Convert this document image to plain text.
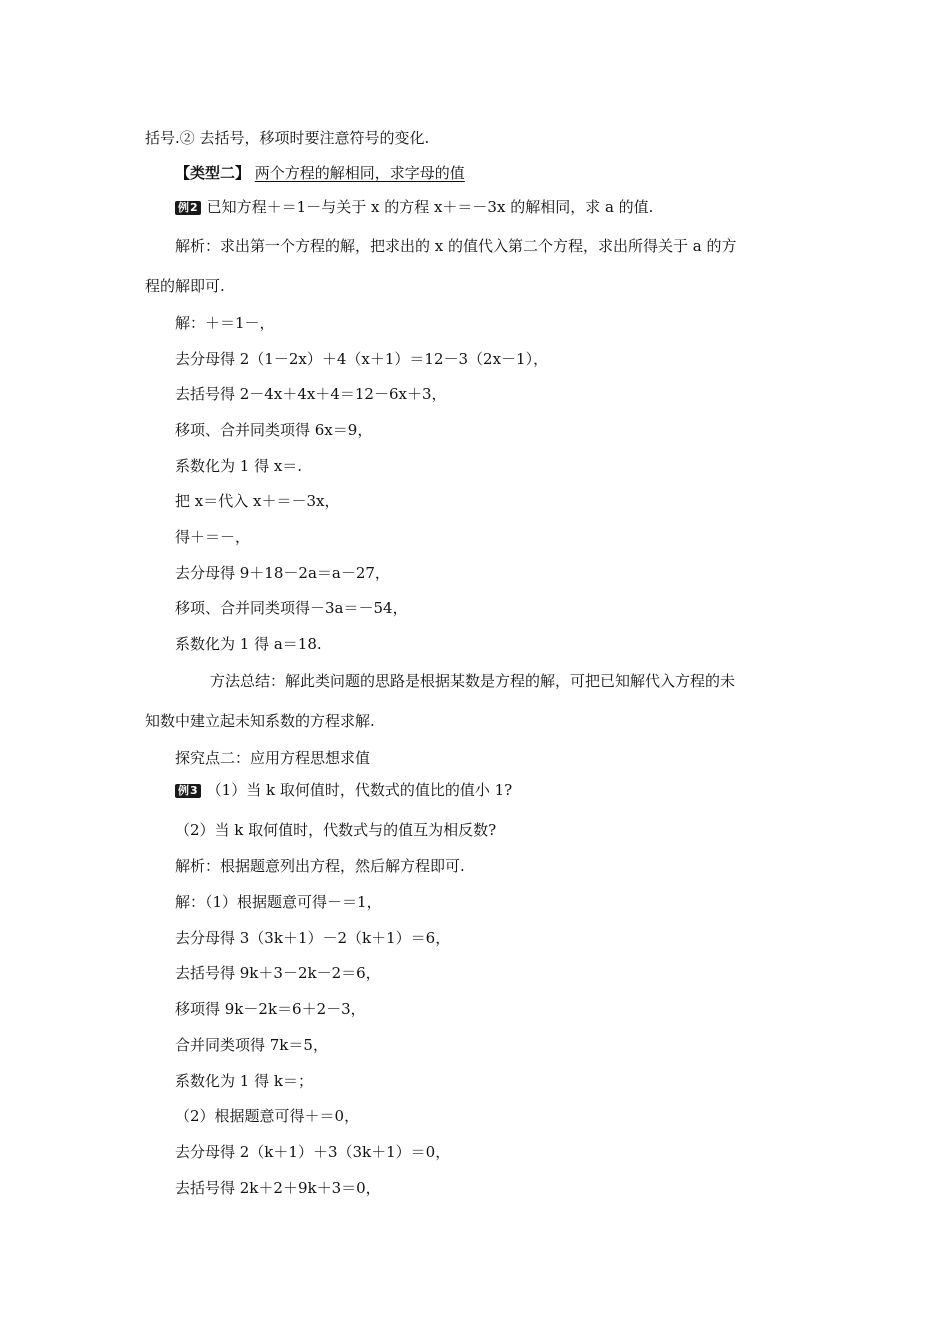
括号.② 去括号，移项时要注意符号的变化.
【类型二】 两个方程的解相同，求字母的值
例2 已知方程＋＝1－与关于 x 的方程 x＋＝－3x 的解相同，求 a 的值.
解析：求出第一个方程的解，把求出的 x 的值代入第二个方程，求出所得关于 a 的方
程的解即可.
解：＋＝1－，
去分母得 2（1－2x）＋4（x＋1）＝12－3（2x－1），
去括号得 2－4x＋4x＋4＝12－6x＋3，
移项、合并同类项得 6x＝9，
系数化为 1 得 x＝.
把 x＝代入 x＋＝－3x，
得＋＝－，
去分母得 9＋18－2a＝a－27，
移项、合并同类项得－3a＝－54，
系数化为 1 得 a＝18.
方法总结：解此类问题的思路是根据某数是方程的解，可把已知解代入方程的未
知数中建立起未知系数的方程求解.
探究点二：应用方程思想求值
例3 （1）当 k 取何值时，代数式的值比的值小 1?
（2）当 k 取何值时，代数式与的值互为相反数?
解析：根据题意列出方程，然后解方程即可.
解：（1）根据题意可得－＝1，
去分母得 3（3k＋1）－2（k＋1）＝6，
去括号得 9k＋3－2k－2＝6，
移项得 9k－2k＝6＋2－3，
合并同类项得 7k＝5，
系数化为 1 得 k＝；
（2）根据题意可得＋＝0，
去分母得 2（k＋1）＋3（3k＋1）＝0，
去括号得 2k＋2＋9k＋3＝0，
